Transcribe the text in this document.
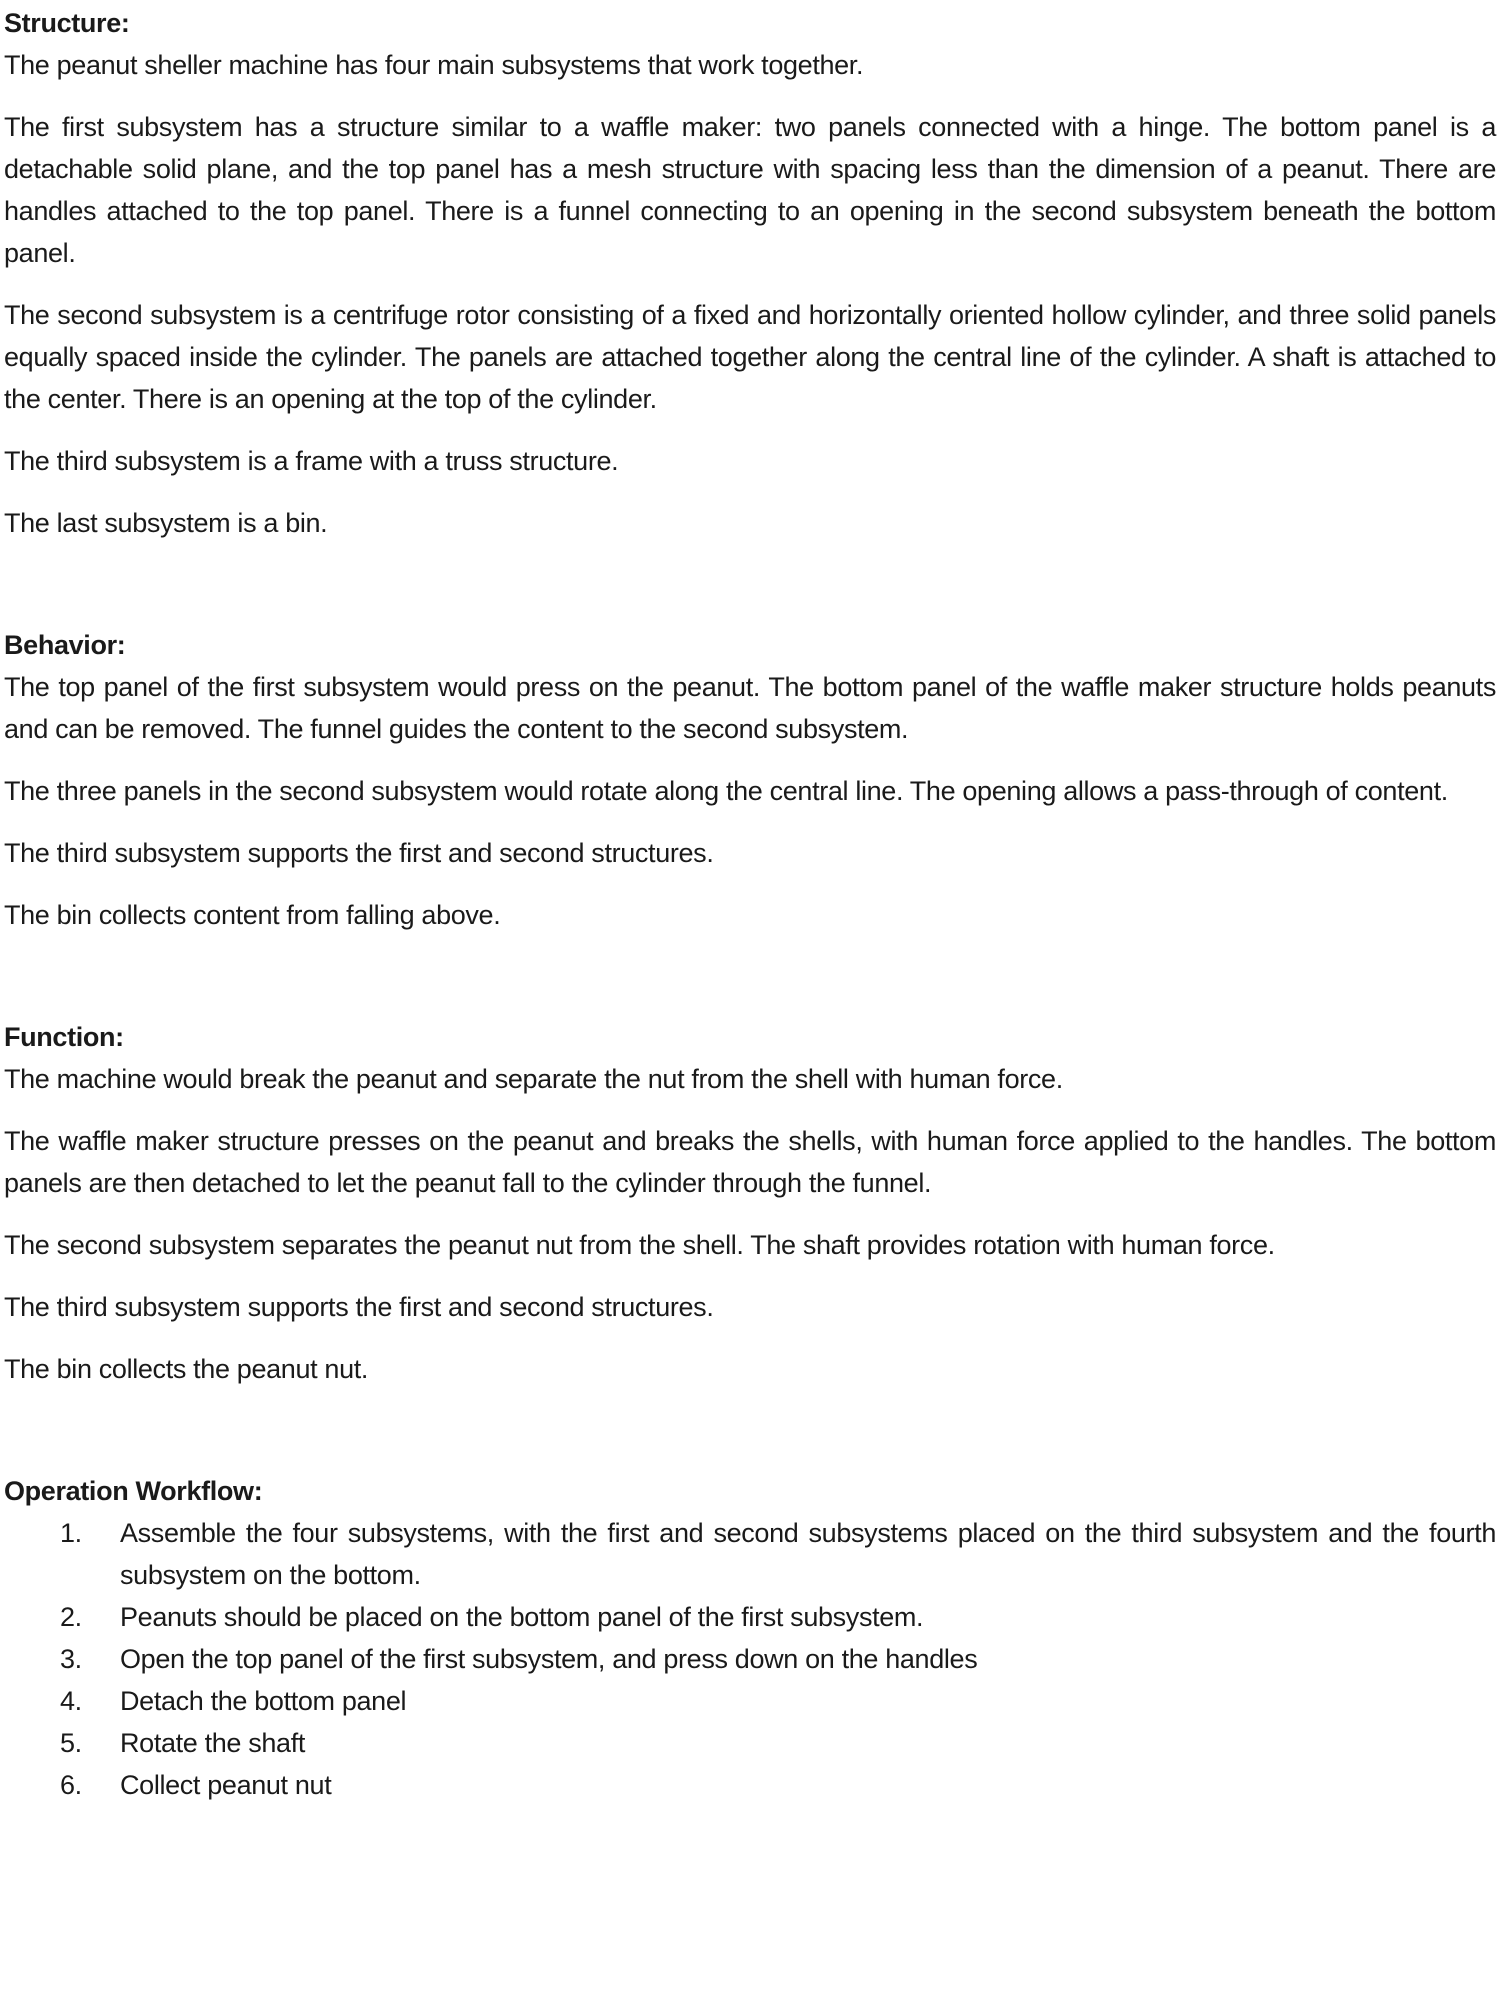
Structure:

The peanut sheller machine has four main subsystems that work together.

The first subsystem has a structure similar to a waffle maker: two panels connected with a hinge. The bottom panel is a detachable solid plane, and the top panel has a mesh structure with spacing less than the dimension of a peanut. There are handles attached to the top panel. There is a funnel connecting to an opening in the second subsystem beneath the bottom panel.

The second subsystem is a centrifuge rotor consisting of a fixed and horizontally oriented hollow cylinder, and three solid panels equally spaced inside the cylinder. The panels are attached together along the central line of the cylinder. A shaft is attached to the center. There is an opening at the top of the cylinder.

The third subsystem is a frame with a truss structure.

The last subsystem is a bin.

Behavior:

The top panel of the first subsystem would press on the peanut. The bottom panel of the waffle maker structure holds peanuts and can be removed. The funnel guides the content to the second subsystem.

The three panels in the second subsystem would rotate along the central line. The opening allows a pass-through of content.

The third subsystem supports the first and second structures.

The bin collects content from falling above.

Function:

The machine would break the peanut and separate the nut from the shell with human force.

The waffle maker structure presses on the peanut and breaks the shells, with human force applied to the handles. The bottom panels are then detached to let the peanut fall to the cylinder through the funnel.

The second subsystem separates the peanut nut from the shell. The shaft provides rotation with human force.

The third subsystem supports the first and second structures.

The bin collects the peanut nut.

Operation Workflow:
1.	Assemble the four subsystems, with the first and second subsystems placed on the third subsystem and the fourth subsystem on the bottom.
2.	Peanuts should be placed on the bottom panel of the first subsystem.
3.	Open the top panel of the first subsystem, and press down on the handles
4.	Detach the bottom panel
5.	Rotate the shaft
6.	Collect peanut nut
